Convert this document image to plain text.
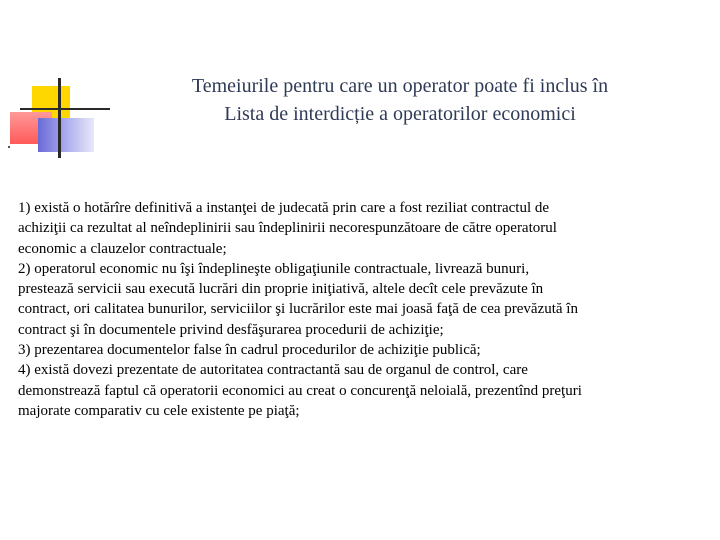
Temeiurile pentru care un operator poate fi inclus în
Lista de interdicție a operatorilor economici
1) există o hotărîre definitivă a instanţei de judecată prin care a fost reziliat contractul de
achiziţii ca rezultat al neîndeplinirii sau îndeplinirii necorespunzătoare de către operatorul
economic a clauzelor contractuale;
2) operatorul economic nu îşi îndeplineşte obligaţiunile contractuale, livrează bunuri,
prestează servicii sau execută lucrări din proprie iniţiativă, altele decît cele prevăzute în
contract, ori calitatea bunurilor, serviciilor şi lucrărilor este mai joasă faţă de cea prevăzută în
contract şi în documentele privind desfăşurarea procedurii de achiziţie;
3) prezentarea documentelor false în cadrul procedurilor de achiziţie publică;
4) există dovezi prezentate de autoritatea contractantă sau de organul de control, care
demonstrează faptul că operatorii economici au creat o concurenţă neloială, prezentînd preţuri
majorate comparativ cu cele existente pe piaţă;
